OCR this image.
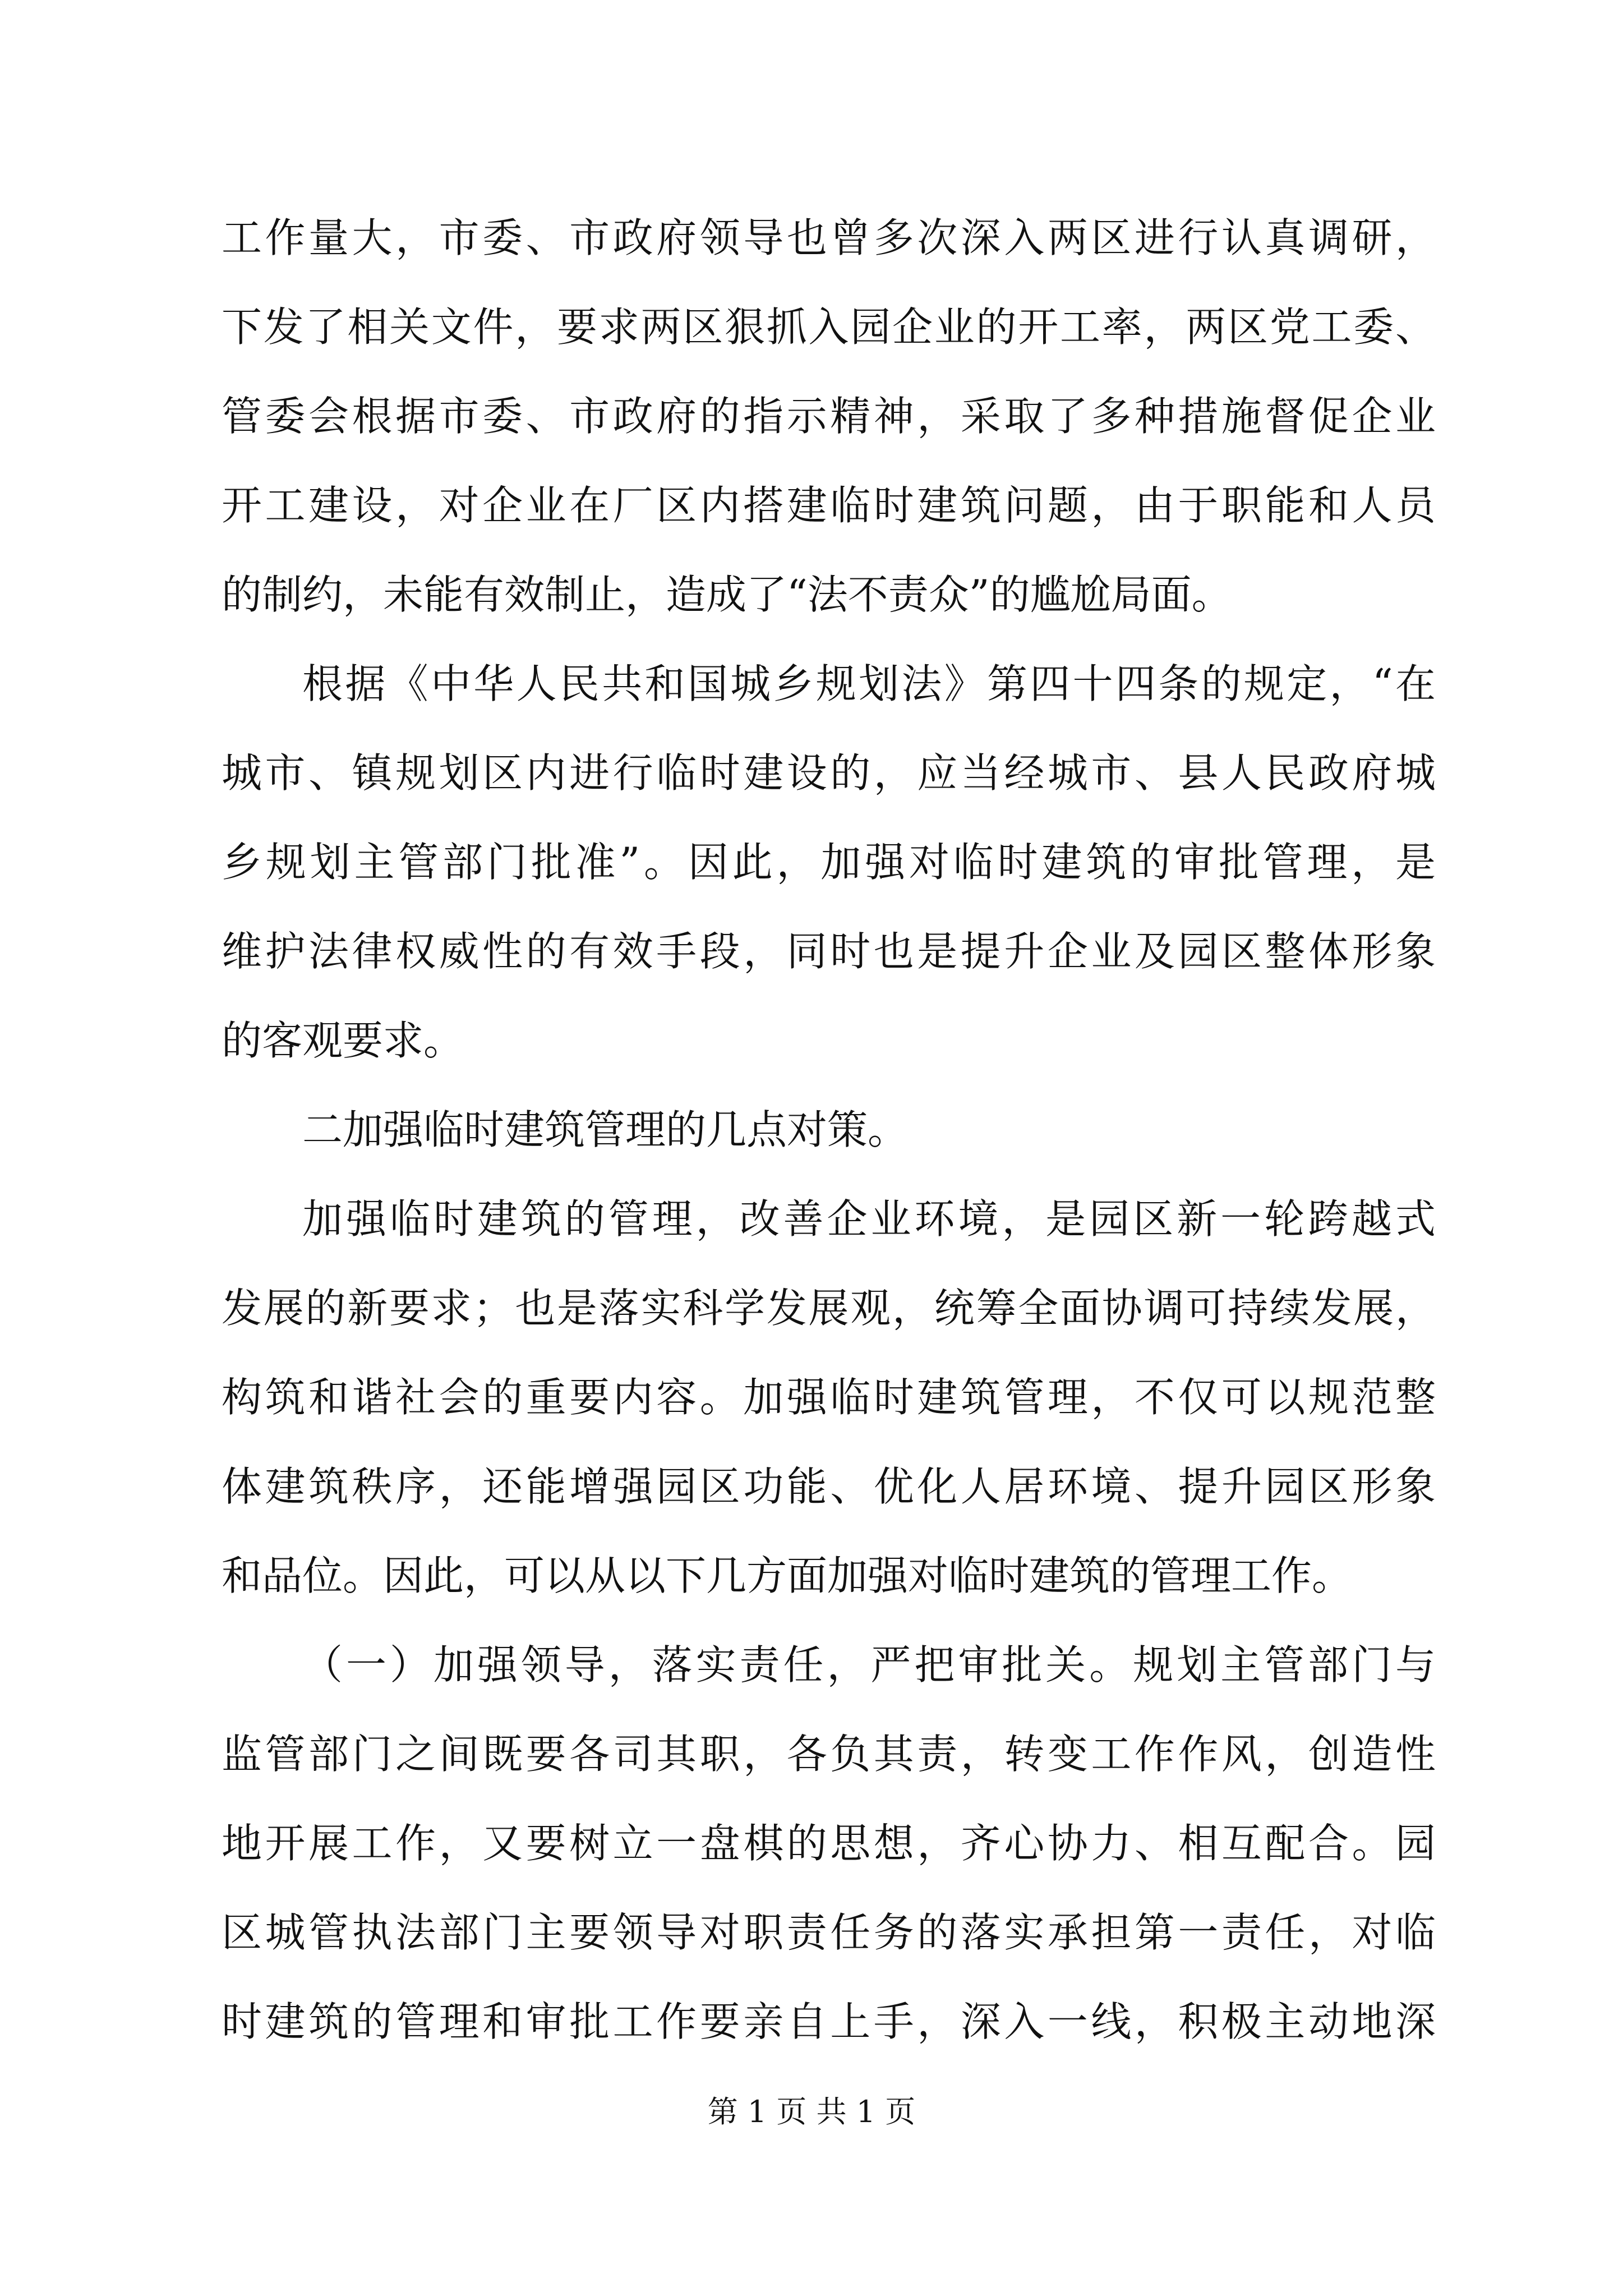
工作量大，市委、市政府领导也曾多次深入两区进行认真调研，
下发了相关文件，要求两区狠抓入园企业的开工率，两区党工委、
管委会根据市委、市政府的指示精神，采取了多种措施督促企业
开工建设，对企业在厂区内搭建临时建筑问题，由于职能和人员
的制约，未能有效制止，造成了“法不责众”的尴尬局面。
根据《中华人民共和国城乡规划法》第四十四条的规定，“在
城市、镇规划区内进行临时建设的，应当经城市、县人民政府城
乡规划主管部门批准”。因此，加强对临时建筑的审批管理，是
维护法律权威性的有效手段，同时也是提升企业及园区整体形象
的客观要求。
二加强临时建筑管理的几点对策。
加强临时建筑的管理，改善企业环境，是园区新一轮跨越式
发展的新要求；也是落实科学发展观，统筹全面协调可持续发展，
构筑和谐社会的重要内容。加强临时建筑管理，不仅可以规范整
体建筑秩序，还能增强园区功能、优化人居环境、提升园区形象
和品位。因此，可以从以下几方面加强对临时建筑的管理工作。
（一）加强领导，落实责任，严把审批关。规划主管部门与
监管部门之间既要各司其职，各负其责，转变工作作风，创造性
地开展工作，又要树立一盘棋的思想，齐心协力、相互配合。园
区城管执法部门主要领导对职责任务的落实承担第一责任，对临
时建筑的管理和审批工作要亲自上手，深入一线，积极主动地深
第 1 页 共 1 页
